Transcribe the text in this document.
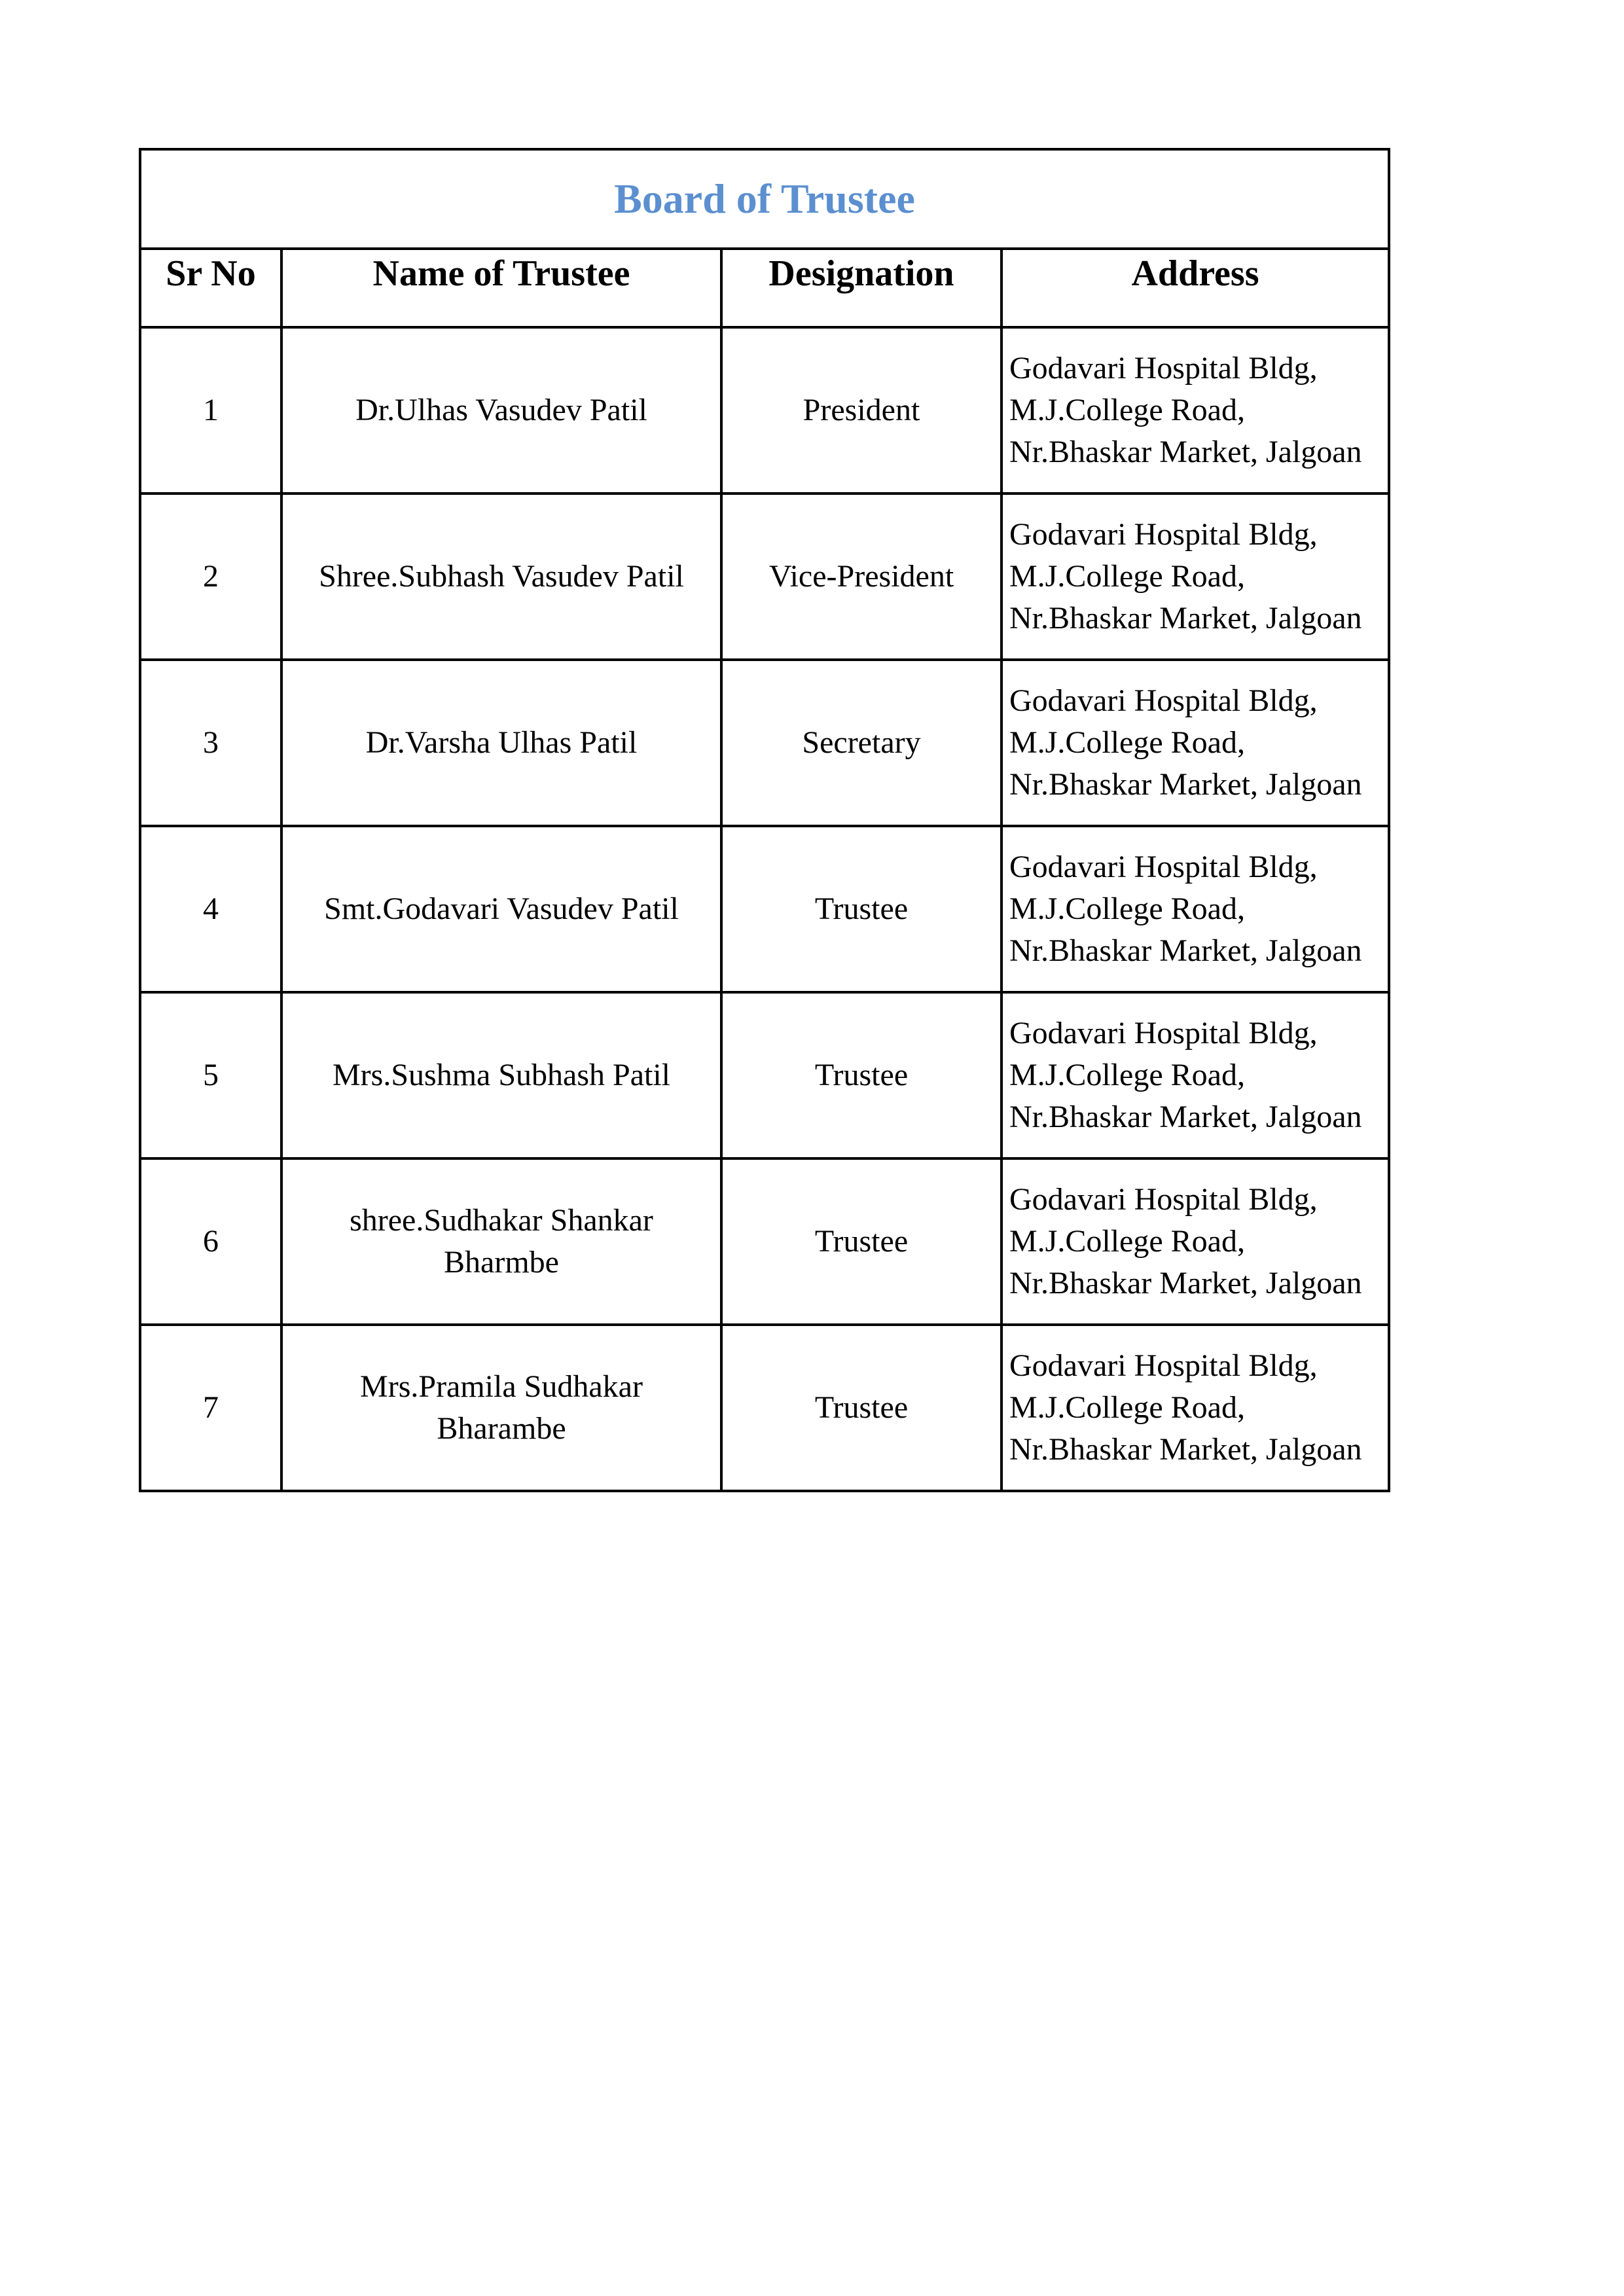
Board of Trustee			
Sr No	Name of Trustee	Designation	Address
1	Dr.Ulhas Vasudev Patil	President	Godavari Hospital Bldg,
M.J.College Road,
Nr.Bhaskar Market, Jalgoan

2	Shree.Subhash Vasudev Patil	Vice-President	Godavari Hospital Bldg,
M.J.College Road,
Nr.Bhaskar Market, Jalgoan

3	Dr.Varsha Ulhas Patil	Secretary	Godavari Hospital Bldg,
M.J.College Road,
Nr.Bhaskar Market, Jalgoan

4	Smt.Godavari Vasudev Patil	Trustee	Godavari Hospital Bldg,
M.J.College Road,
Nr.Bhaskar Market, Jalgoan

5	Mrs.Sushma Subhash Patil	Trustee	Godavari Hospital Bldg,
M.J.College Road,
Nr.Bhaskar Market, Jalgoan

6	shree.Sudhakar Shankar Bharmbe	Trustee	Godavari Hospital Bldg,
M.J.College Road,
Nr.Bhaskar Market, Jalgoan

7	Mrs.Pramila Sudhakar Bharambe	Trustee	Godavari Hospital Bldg,
M.J.College Road,
Nr.Bhaskar Market, Jalgoan
